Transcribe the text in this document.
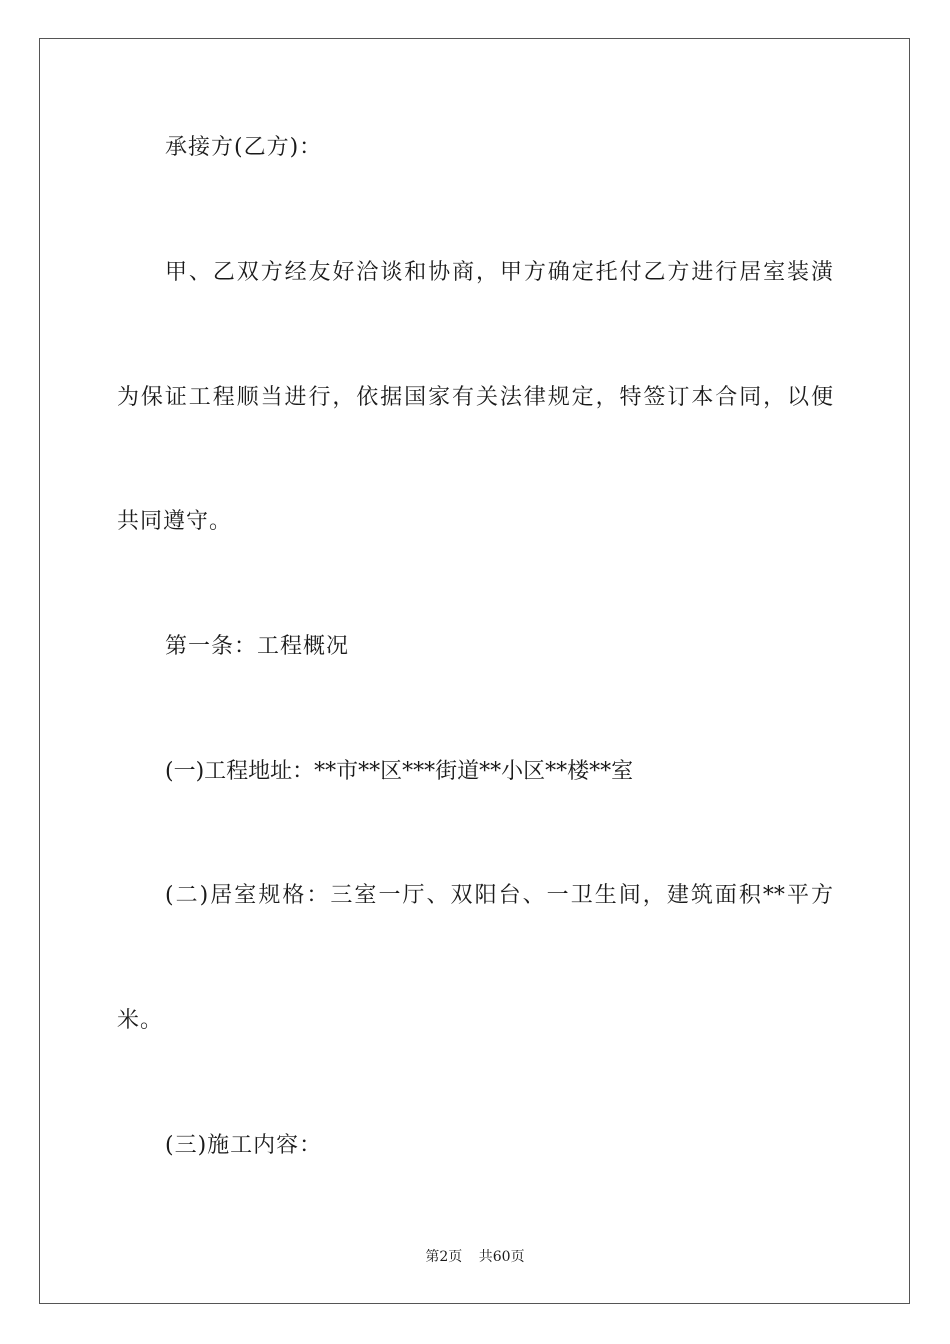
承接方(乙方)：
甲、乙双方经友好洽谈和协商，甲方确定托付乙方进行居室装潢
为保证工程顺当进行，依据国家有关法律规定，特签订本合同，以便
共同遵守。
第一条：工程概况
(一)工程地址：**市**区***街道**小区**楼**室
(二)居室规格：三室一厅、双阳台、一卫生间，建筑面积**平方
米。
(三)施工内容：
第2页 共60页
